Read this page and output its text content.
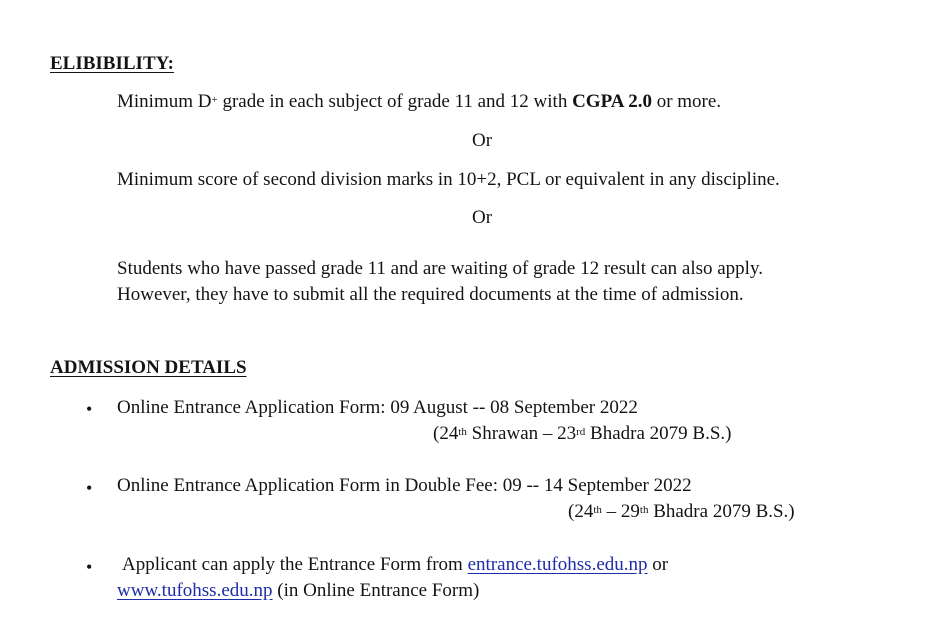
ELIBIBILITY:
Minimum D+ grade in each subject of grade 11 and 12 with CGPA 2.0 or more.
Or
Minimum score of second division marks in 10+2, PCL or equivalent in any discipline.
Or
Students who have passed grade 11 and are waiting of grade 12 result can also apply.
However, they have to submit all the required documents at the time of admission.
ADMISSION DETAILS
• Online Entrance Application Form: 09 August -- 08 September 2022
(24th Shrawan – 23rd Bhadra 2079 B.S.)
• Online Entrance Application Form in Double Fee: 09 -- 14 September 2022
(24th – 29th Bhadra 2079 B.S.)
• Applicant can apply the Entrance Form from entrance.tufohss.edu.np or
www.tufohss.edu.np (in Online Entrance Form)
